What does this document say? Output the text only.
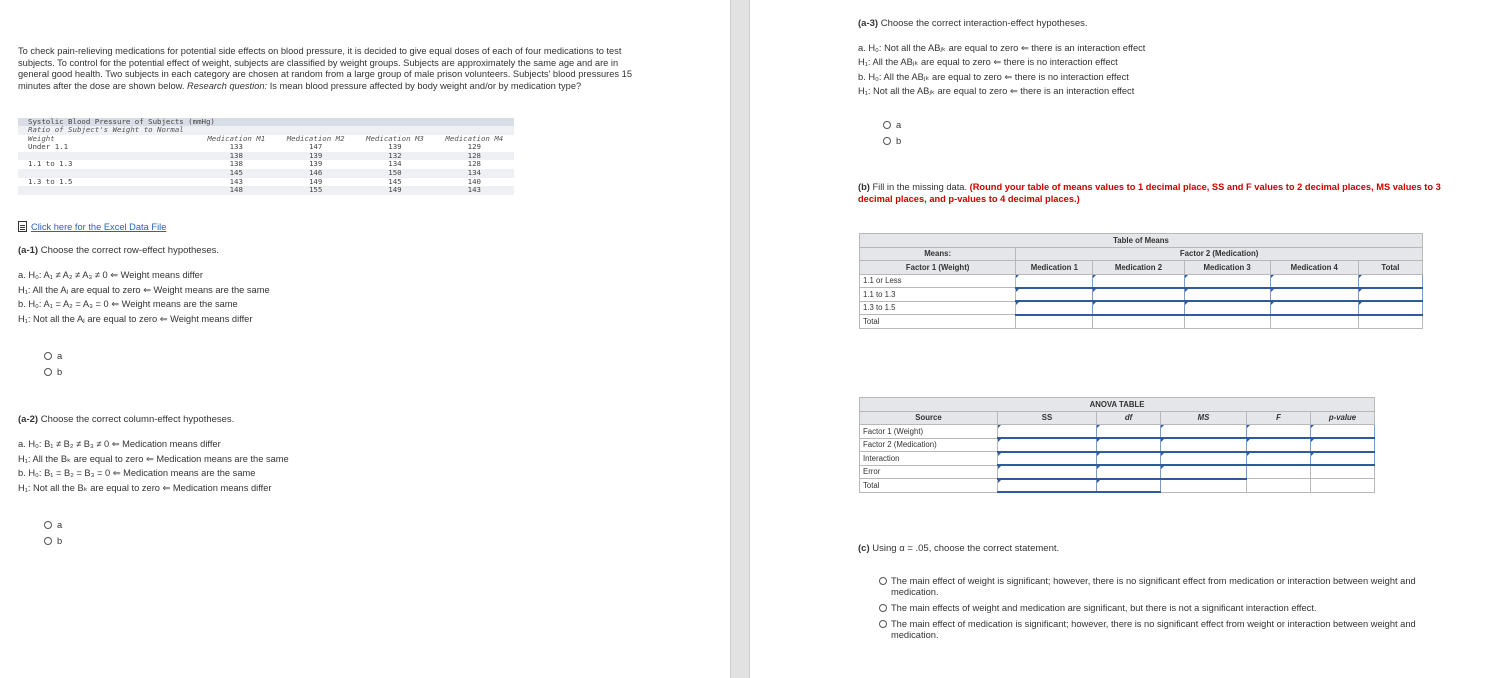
To check pain-relieving medications for potential side effects on blood pressure, it is decided to give equal doses of each of four medications to test subjects. To control for the potential effect of weight, subjects are classified by weight groups. Subjects are approximately the same age and are in general good health. Two subjects in each category are chosen at random from a large group of male prison volunteers. Subjects' blood pressures 15 minutes after the dose are shown below. Research question: Is mean blood pressure affected by body weight and/or by medication type?
Systolic Blood Pressure of Subjects (mmHg)
Ratio of Subject's Weight to Normal
Weight	Medication M1	Medication M2	Medication M3	Medication M4
Under 1.1	133	147	139	129
138	139	132	128
1.1 to 1.3	138	139	134	128
145	146	150	134
1.3 to 1.5	143	149	145	140
148	155	149	143
Click here for the Excel Data File
(a-1) Choose the correct row-effect hypotheses.
a. H₀: A₁ ≠ A₂ ≠ A₃ ≠ 0 ⇐ Weight means differ
H₁: All the Aⱼ are equal to zero ⇐ Weight means are the same
b. H₀: A₁ = A₂ = A₃ = 0 ⇐ Weight means are the same
H₁: Not all the Aⱼ are equal to zero ⇐ Weight means differ
a
b
(a-2) Choose the correct column-effect hypotheses.
a. H₀: B₁ ≠ B₂ ≠ B₃ ≠ 0 ⇐ Medication means differ
H₁: All the Bₖ are equal to zero ⇐ Medication means are the same
b. H₀: B₁ = B₂ = B₃ = 0 ⇐ Medication means are the same
H₁: Not all the Bₖ are equal to zero ⇐ Medication means differ
a
b
(a-3) Choose the correct interaction-effect hypotheses.
a. H₀: Not all the ABⱼₖ are equal to zero ⇐ there is an interaction effect
H₁: All the ABⱼₖ are equal to zero ⇐ there is no interaction effect
b. H₀: All the ABⱼₖ are equal to zero ⇐ there is no interaction effect
H₁: Not all the ABⱼₖ are equal to zero ⇐ there is an interaction effect
a
b
(b) Fill in the missing data. (Round your table of means values to 1 decimal place, SS and F values to 2 decimal places, MS values to 3 decimal places, and p-values to 4 decimal places.)
Table of Means					
Means:	Factor 2 (Medication)				
Factor 1 (Weight)	Medication 1	Medication 2	Medication 3	Medication 4	Total
1.1 or Less					
1.1 to 1.3					
1.3 to 1.5					
Total					
ANOVA TABLE					
Source	SS	df	MS	F	p-value
Factor 1 (Weight)					
Factor 2 (Medication)					
Interaction					
Error					
Total					
(c) Using α = .05, choose the correct statement.
The main effect of weight is significant; however, there is no significant effect from medication or interaction between weight and medication.
The main effects of weight and medication are significant, but there is not a significant interaction effect.
The main effect of medication is significant; however, there is no significant effect from weight or interaction between weight and medication.
